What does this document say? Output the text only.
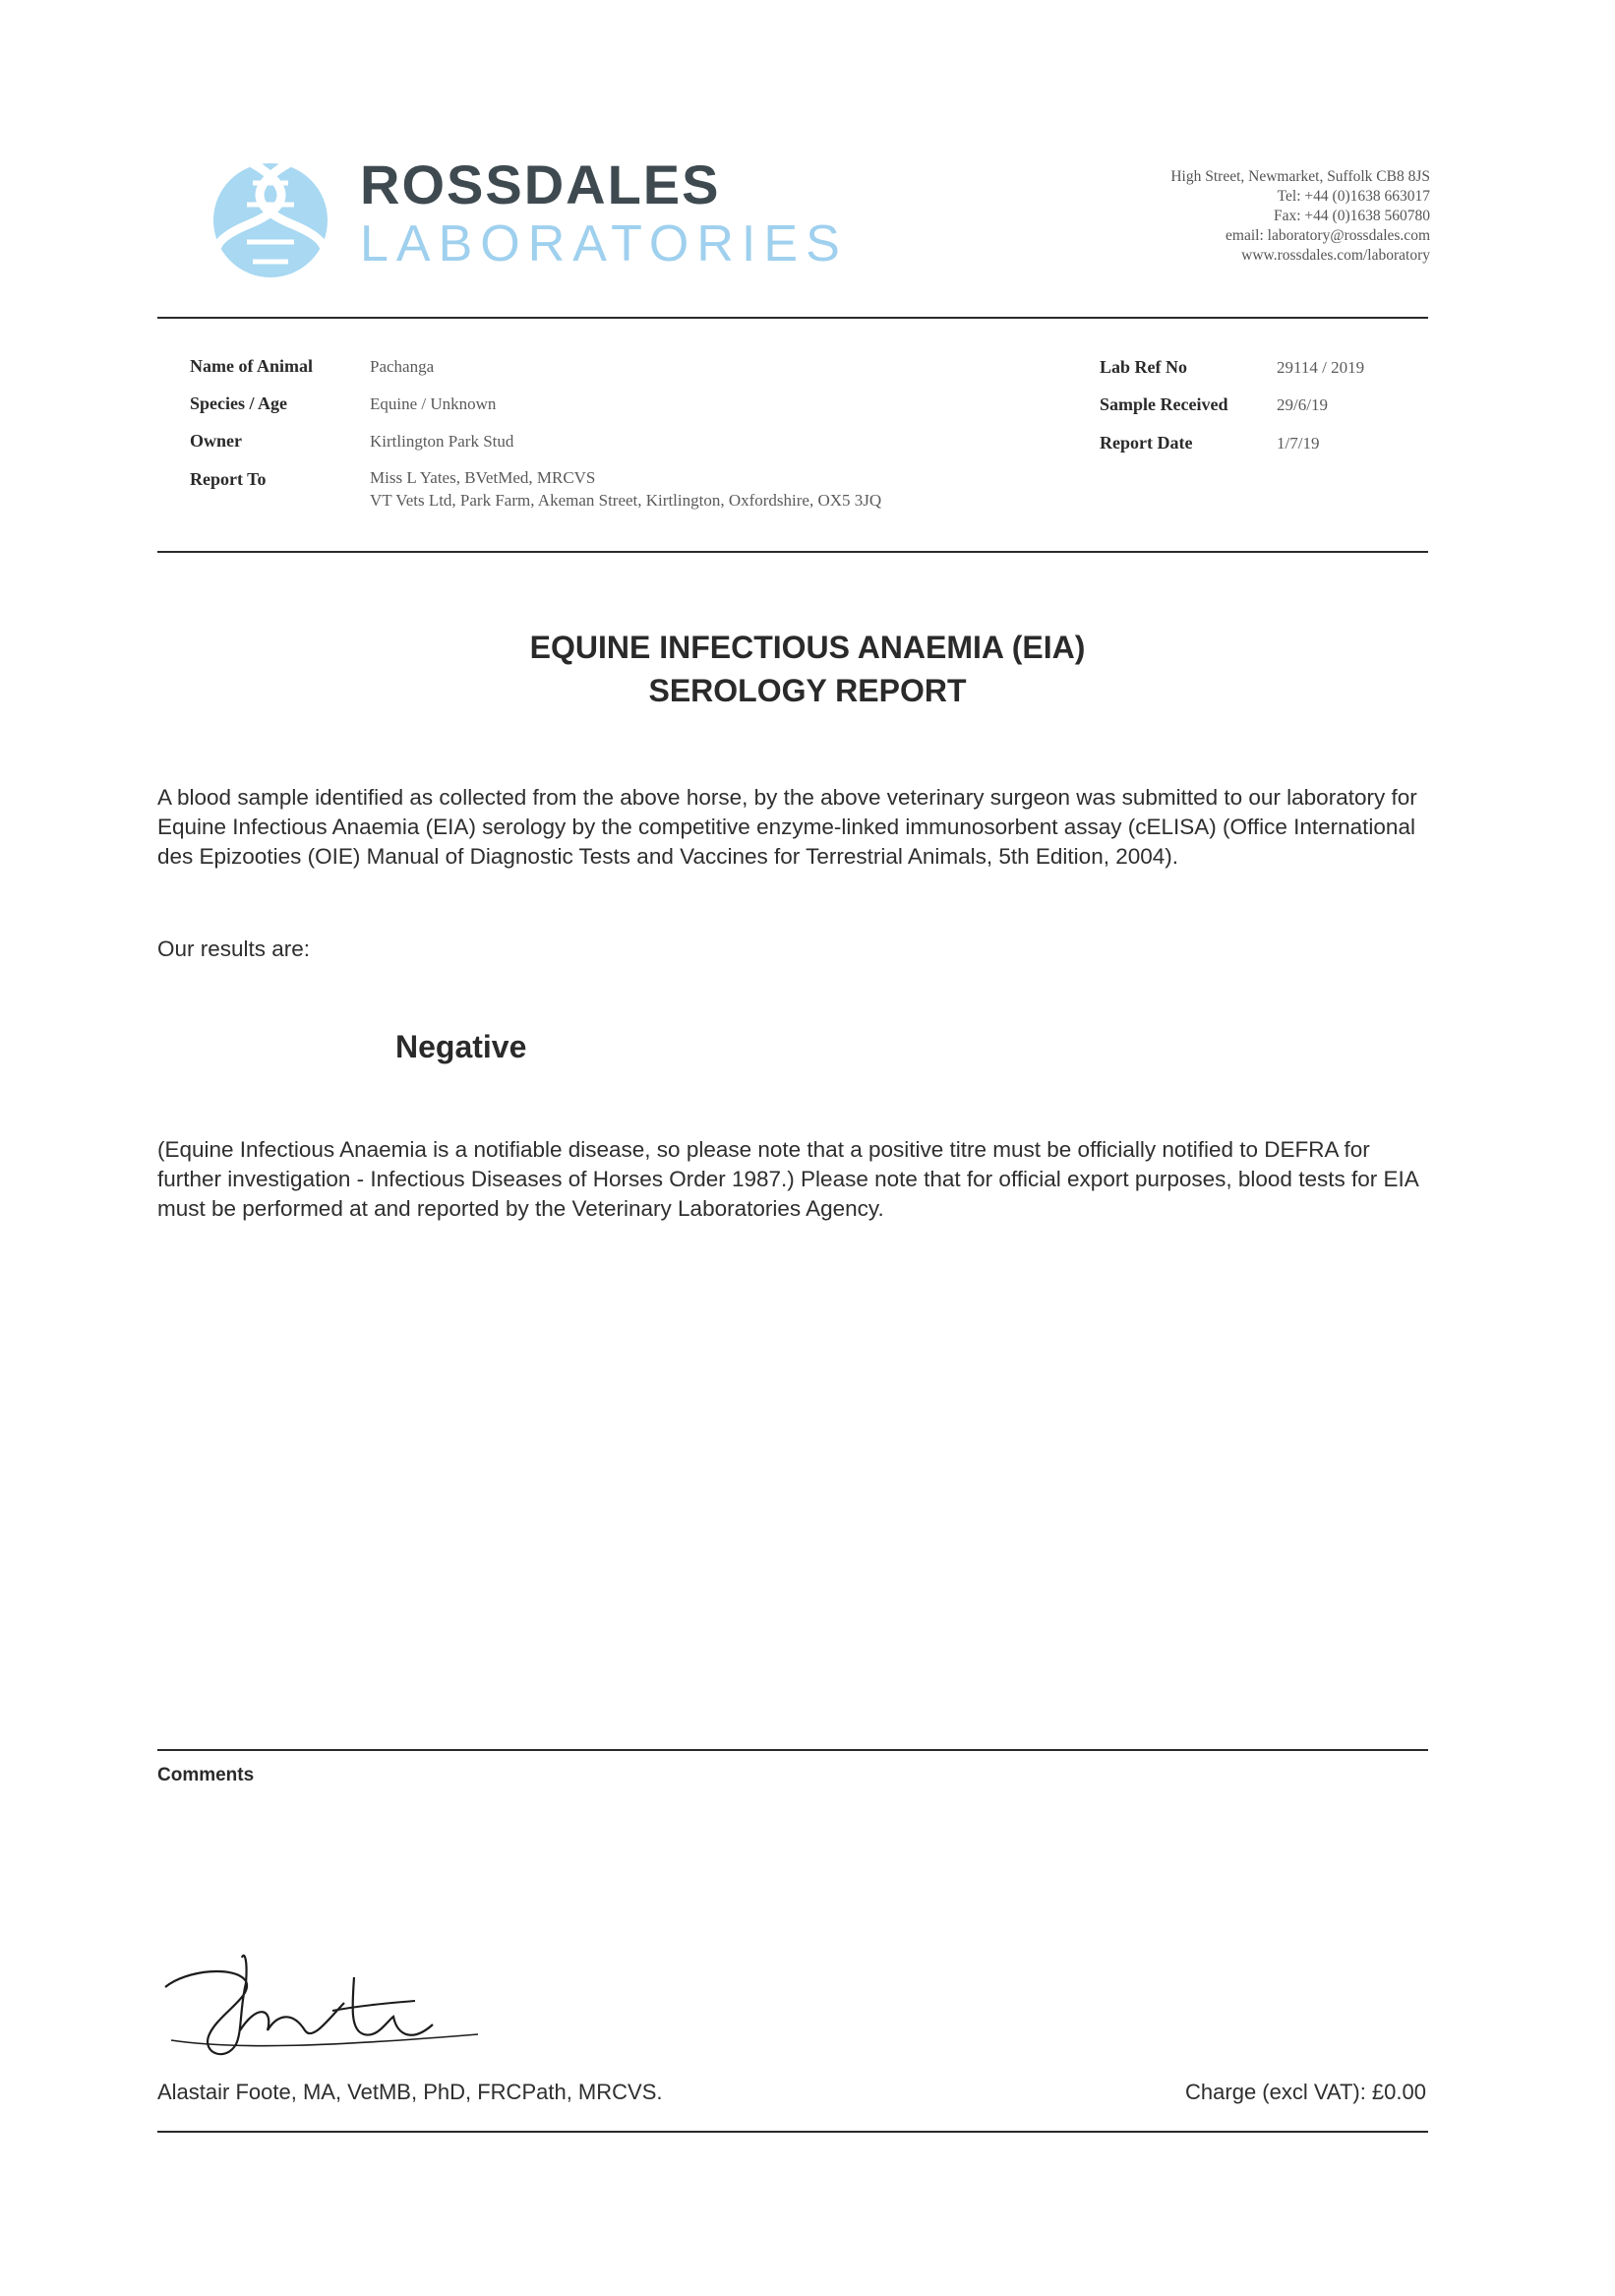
ROSSDALES
LABORATORIES
High Street, Newmarket, Suffolk CB8 8JS
Tel: +44 (0)1638 663017
Fax: +44 (0)1638 560780
email: laboratory@rossdales.com
www.rossdales.com/laboratory
Name of Animal	Pachanga
Species / Age	Equine / Unknown
Owner	Kirtlington Park Stud
Report To	Miss L Yates, BVetMed, MRCVS
VT Vets Ltd, Park Farm, Akeman Street, Kirtlington, Oxfordshire, OX5 3JQ
Lab Ref No	29114 / 2019
Sample Received	29/6/19
Report Date	1/7/19
EQUINE INFECTIOUS ANAEMIA (EIA)
SEROLOGY REPORT
A blood sample identified as collected from the above horse, by the above veterinary surgeon was submitted to our laboratory for Equine Infectious Anaemia (EIA) serology by the competitive enzyme-linked immunosorbent assay (cELISA) (Office International des Epizooties (OIE) Manual of Diagnostic Tests and Vaccines for Terrestrial Animals, 5th Edition, 2004).
Our results are:
Negative
(Equine Infectious Anaemia is a notifiable disease, so please note that a positive titre must be officially notified to DEFRA for further investigation - Infectious Diseases of Horses Order 1987.) Please note that for official export purposes, blood tests for EIA must be performed at and reported by the Veterinary Laboratories Agency.
Comments
Alastair Foote, MA, VetMB, PhD, FRCPath, MRCVS.	Charge (excl VAT): £0.00
